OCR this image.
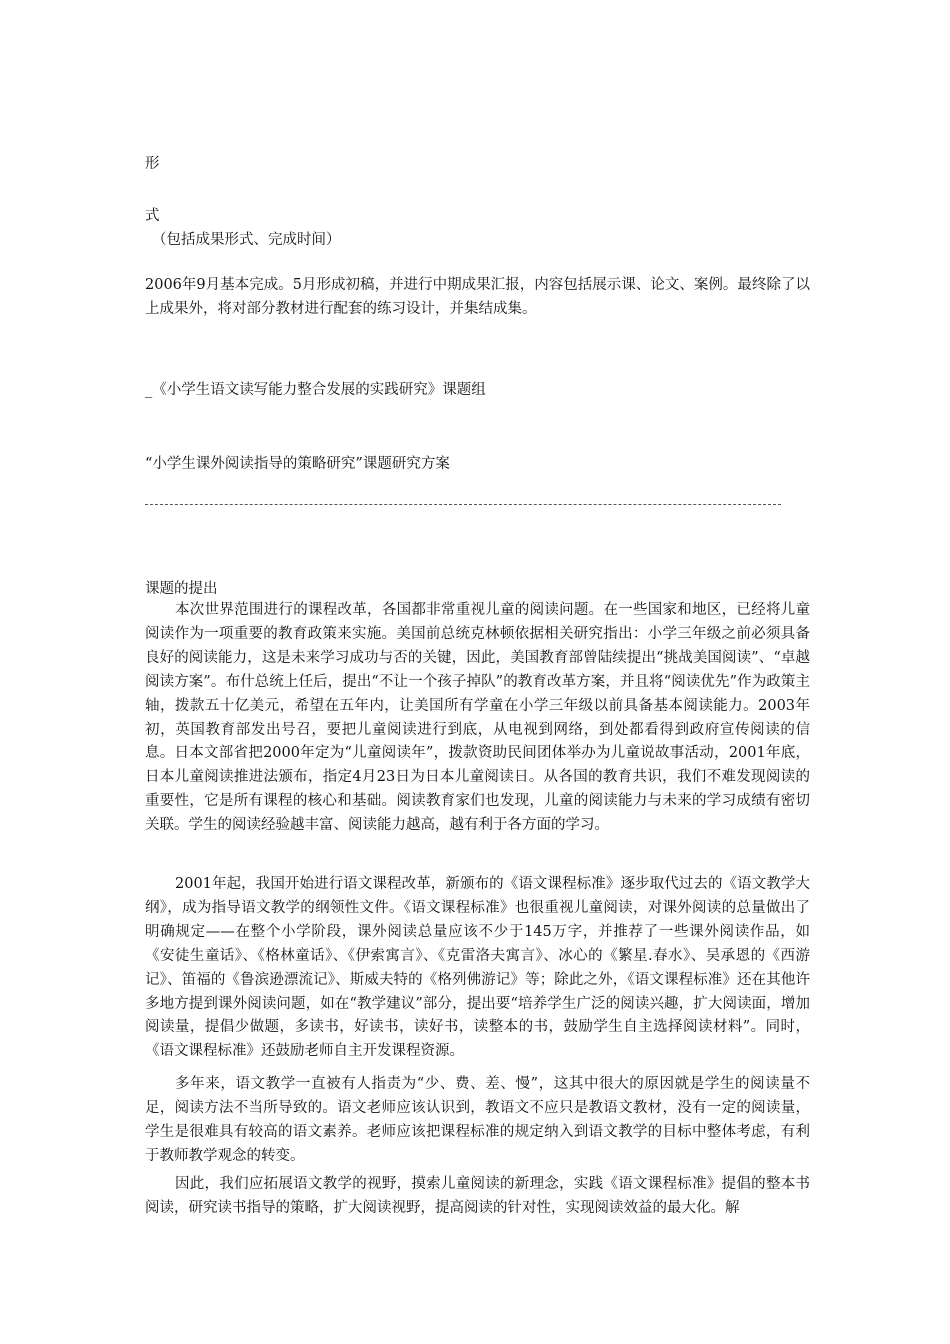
形
式
（包括成果形式、完成时间）
2006年9月基本完成。5月形成初稿，并进行中期成果汇报，内容包括展示课、论文、案例。最终除了以上成果外，将对部分教材进行配套的练习设计，并集结成集。
_《小学生语文读写能力整合发展的实践研究》课题组
“小学生课外阅读指导的策略研究”课题研究方案
课题的提出
本次世界范围进行的课程改革，各国都非常重视儿童的阅读问题。在一些国家和地区，已经将儿童阅读作为一项重要的教育政策来实施。美国前总统克林顿依据相关研究指出：小学三年级之前必须具备良好的阅读能力，这是未来学习成功与否的关键，因此，美国教育部曾陆续提出“挑战美国阅读”、“卓越阅读方案”。布什总统上任后，提出“不让一个孩子掉队”的教育改革方案，并且将“阅读优先”作为政策主轴，拨款五十亿美元，希望在五年内，让美国所有学童在小学三年级以前具备基本阅读能力。2003年初，英国教育部发出号召，要把儿童阅读进行到底，从电视到网络，到处都看得到政府宣传阅读的信息。日本文部省把2000年定为“儿童阅读年”，拨款资助民间团体举办为儿童说故事活动，2001年底，日本儿童阅读推进法颁布，指定4月23日为日本儿童阅读日。从各国的教育共识，我们不难发现阅读的重要性，它是所有课程的核心和基础。阅读教育家们也发现，儿童的阅读能力与未来的学习成绩有密切关联。学生的阅读经验越丰富、阅读能力越高，越有利于各方面的学习。
2001年起，我国开始进行语文课程改革，新颁布的《语文课程标准》逐步取代过去的《语文教学大纲》，成为指导语文教学的纲领性文件。《语文课程标准》也很重视儿童阅读，对课外阅读的总量做出了明确规定——在整个小学阶段，课外阅读总量应该不少于145万字，并推荐了一些课外阅读作品，如《安徒生童话》、《格林童话》、《伊索寓言》、《克雷洛夫寓言》、冰心的《繁星.春水》、吴承恩的《西游记》、笛福的《鲁滨逊漂流记》、斯威夫特的《格列佛游记》等；除此之外，《语文课程标准》还在其他许多地方提到课外阅读问题，如在“教学建议”部分，提出要“培养学生广泛的阅读兴趣，扩大阅读面，增加阅读量，提倡少做题，多读书，好读书，读好书，读整本的书，鼓励学生自主选择阅读材料”。同时，《语文课程标准》还鼓励老师自主开发课程资源。
多年来，语文教学一直被有人指责为“少、费、差、慢”，这其中很大的原因就是学生的阅读量不足，阅读方法不当所导致的。语文老师应该认识到，教语文不应只是教语文教材，没有一定的阅读量，学生是很难具有较高的语文素养。老师应该把课程标准的规定纳入到语文教学的目标中整体考虑，有利于教师教学观念的转变。
因此，我们应拓展语文教学的视野，摸索儿童阅读的新理念，实践《语文课程标准》提倡的整本书阅读，研究读书指导的策略，扩大阅读视野，提高阅读的针对性，实现阅读效益的最大化。解
